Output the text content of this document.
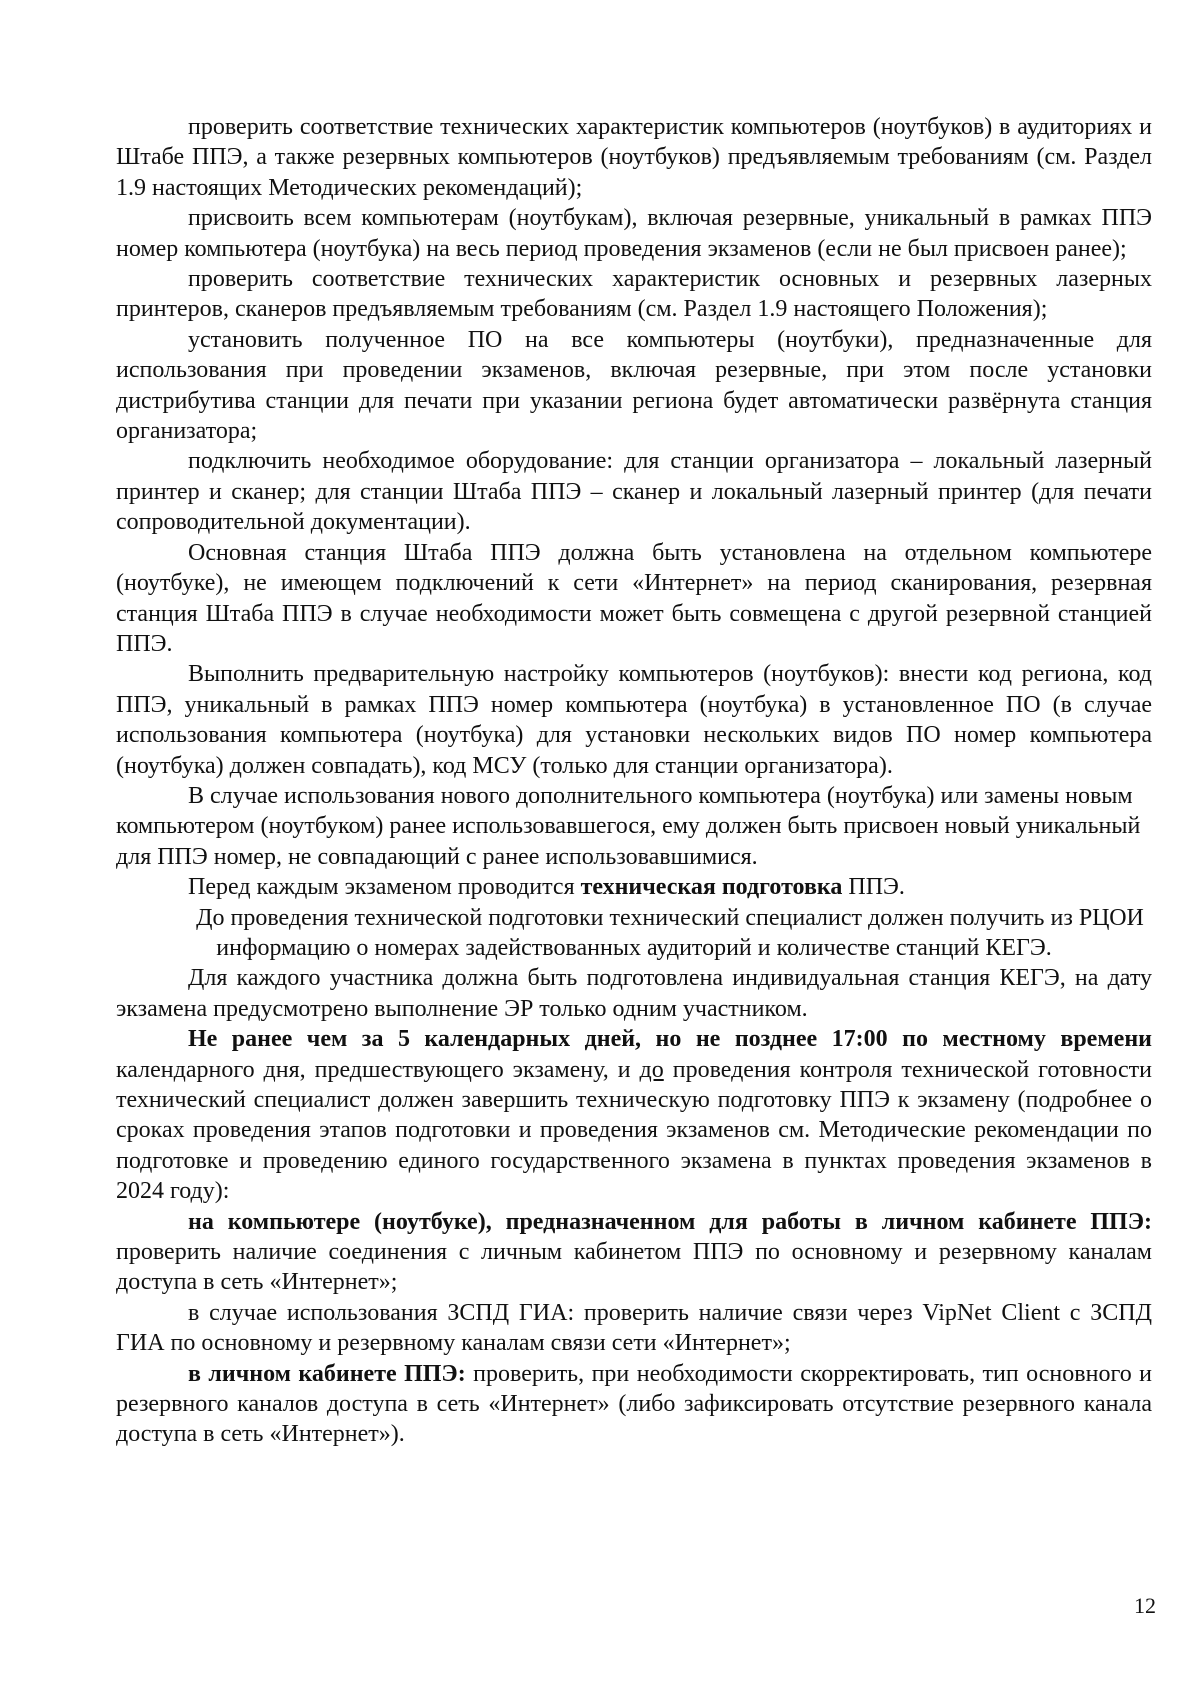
проверить соответствие технических характеристик компьютеров (ноутбуков) в аудиториях и Штабе ППЭ, а также резервных компьютеров (ноутбуков) предъявляемым требованиям (см. Раздел 1.9 настоящих Методических рекомендаций);

присвоить всем компьютерам (ноутбукам), включая резервные, уникальный в рамках ППЭ номер компьютера (ноутбука) на весь период проведения экзаменов (если не был присвоен ранее);

проверить соответствие технических характеристик основных и резервных лазерных принтеров, сканеров предъявляемым требованиям (см. Раздел 1.9 настоящего Положения);

установить полученное ПО на все компьютеры (ноутбуки), предназначенные для использования при проведении экзаменов, включая резервные, при этом после установки дистрибутива станции для печати при указании региона будет автоматически развёрнута станция организатора;

подключить необходимое оборудование: для станции организатора – локальный лазерный принтер и сканер; для станции Штаба ППЭ – сканер и локальный лазерный принтер (для печати сопроводительной документации).

Основная станция Штаба ППЭ должна быть установлена на отдельном компьютере (ноутбуке), не имеющем подключений к сети «Интернет» на период сканирования, резервная станция Штаба ППЭ в случае необходимости может быть совмещена с другой резервной станцией ППЭ.

Выполнить предварительную настройку компьютеров (ноутбуков): внести код региона, код ППЭ, уникальный в рамках ППЭ номер компьютера (ноутбука) в установленное ПО (в случае использования компьютера (ноутбука) для установки нескольких видов ПО номер компьютера (ноутбука) должен совпадать), код МСУ (только для станции организатора).

В случае использования нового дополнительного компьютера (ноутбука) или замены новым компьютером (ноутбуком) ранее использовавшегося, ему должен быть присвоен новый уникальный для ППЭ номер, не совпадающий с ранее использовавшимися.

Перед каждым экзаменом проводится техническая подготовка ППЭ.

До проведения технической подготовки технический специалист должен получить из РЦОИ информацию о номерах задействованных аудиторий и количестве станций КЕГЭ.

Для каждого участника должна быть подготовлена индивидуальная станция КЕГЭ, на дату экзамена предусмотрено выполнение ЭР только одним участником.

Не ранее чем за 5 календарных дней, но не позднее 17:00 по местному времени календарного дня, предшествующего экзамену, и до проведения контроля технической готовности технический специалист должен завершить техническую подготовку ППЭ к экзамену (подробнее о сроках проведения этапов подготовки и проведения экзаменов см. Методические рекомендации по подготовке и проведению единого государственного экзамена в пунктах проведения экзаменов в 2024 году):

на компьютере (ноутбуке), предназначенном для работы в личном кабинете ППЭ: проверить наличие соединения с личным кабинетом ППЭ по основному и резервному каналам доступа в сеть «Интернет»;

в случае использования ЗСПД ГИА: проверить наличие связи через VipNet Client с ЗСПД ГИА по основному и резервному каналам связи сети «Интернет»;

в личном кабинете ППЭ: проверить, при необходимости скорректировать, тип основного и резервного каналов доступа в сеть «Интернет» (либо зафиксировать отсутствие резервного канала доступа в сеть «Интернет»).

12
